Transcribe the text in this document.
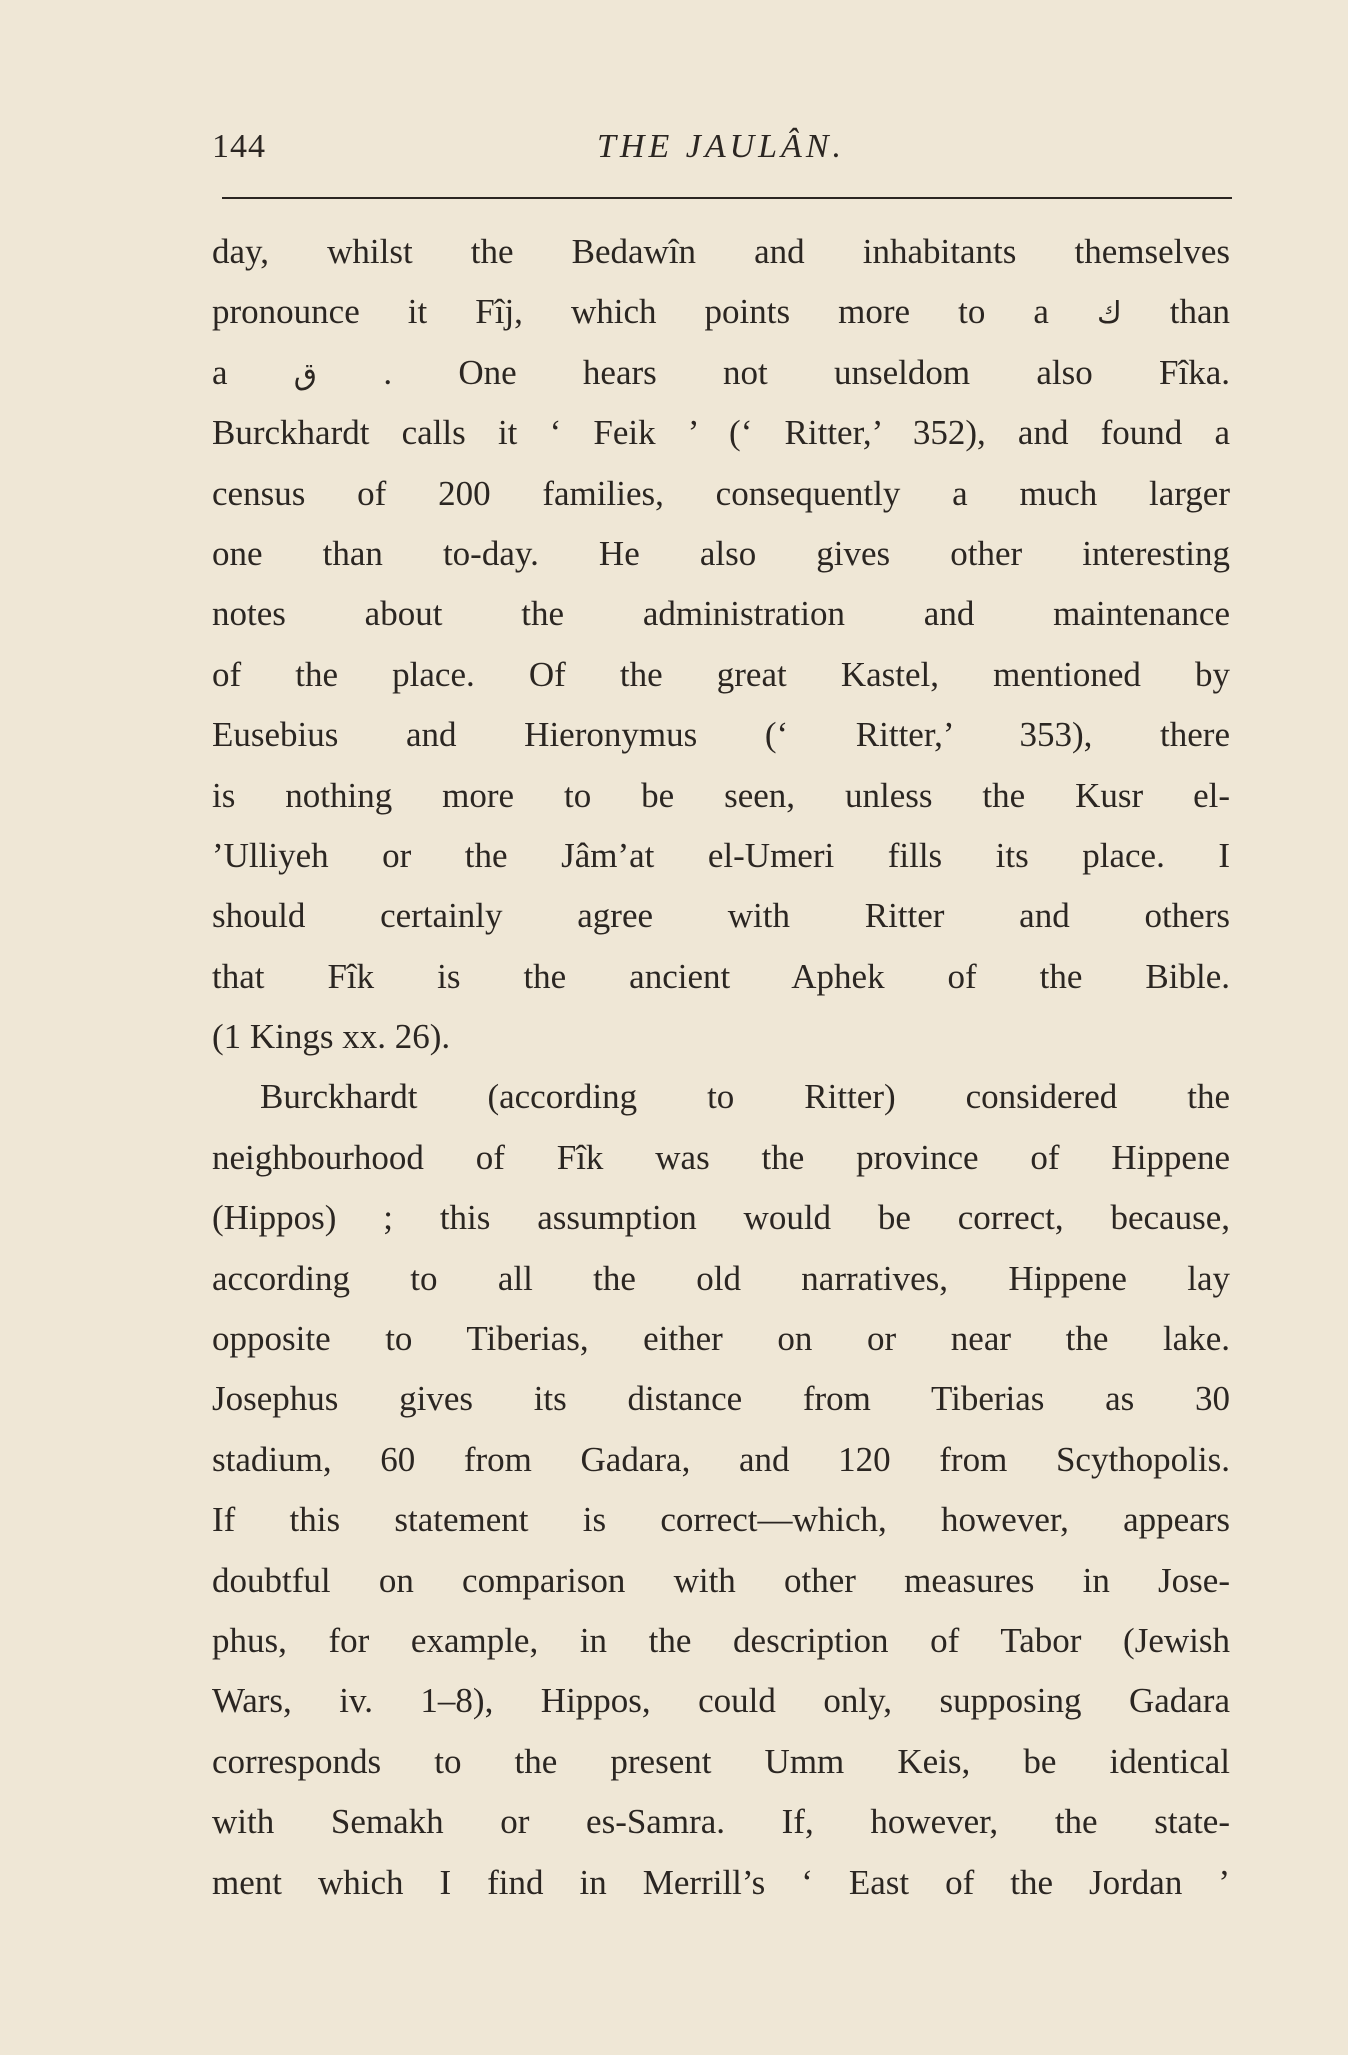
144	THE JAULÂN.
day, whilst the Bedawîn and inhabitants themselves
pronounce it Fîj, which points more to a ك than
a ق . One hears not unseldom also Fîka.
Burckhardt calls it ‘ Feik ’ (‘ Ritter,’ 352), and found a
census of 200 families, consequently a much larger
one than to-day. He also gives other interesting
notes about the administration and maintenance
of the place. Of the great Kastel, mentioned by
Eusebius and Hieronymus (‘ Ritter,’ 353), there
is nothing more to be seen, unless the Kusr el-
’Ulliyeh or the Jâm’at el-Umeri fills its place. I
should certainly agree with Ritter and others
that Fîk is the ancient Aphek of the Bible.
(1 Kings xx. 26).
Burckhardt (according to Ritter) considered the
neighbourhood of Fîk was the province of Hippene
(Hippos) ; this assumption would be correct, because,
according to all the old narratives, Hippene lay
opposite to Tiberias, either on or near the lake.
Josephus gives its distance from Tiberias as 30
stadium, 60 from Gadara, and 120 from Scythopolis.
If this statement is correct—which, however, appears
doubtful on comparison with other measures in Jose-
phus, for example, in the description of Tabor (Jewish
Wars, iv. 1–8), Hippos, could only, supposing Gadara
corresponds to the present Umm Keis, be identical
with Semakh or es-Samra. If, however, the state-
ment which I find in Merrill’s ‘ East of the Jordan ’
